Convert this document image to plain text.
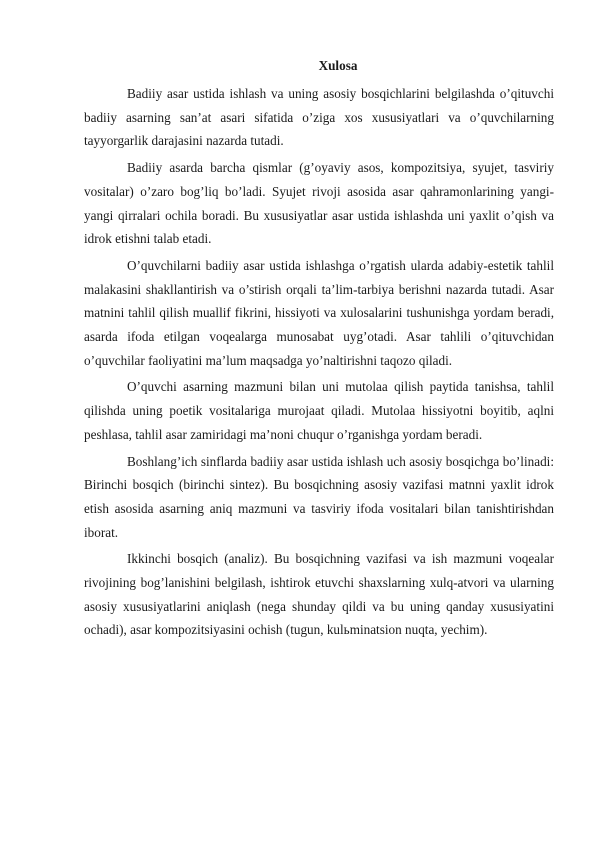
Xulosa

Badiiy asar ustida ishlash va uning asosiy bosqichlarini belgilashda o’qituvchi badiiy asarning san’at asari sifatida o’ziga xos xususiyatlari va o’quvchilarning tayyorgarlik darajasini nazarda tutadi.

Badiiy asarda barcha qismlar (g’oyaviy asos, kompozitsiya, syujet, tasviriy vositalar) o’zaro bog’liq bo’ladi. Syujet rivoji asosida asar qahramonlarining yangi-yangi qirralari ochila boradi. Bu xususiyatlar asar ustida ishlashda uni yaxlit o’qish va idrok etishni talab etadi.

O’quvchilarni badiiy asar ustida ishlashga o’rgatish ularda adabiy-estetik tahlil malakasini shakllantirish va o’stirish orqali ta’lim-tarbiya berishni nazarda tutadi. Asar matnini tahlil qilish muallif fikrini, hissiyoti va xulosalarini tushunishga yordam beradi, asarda ifoda etilgan voqealarga munosabat uyg’otadi. Asar tahlili o’qituvchidan o’quvchilar faoliyatini ma’lum maqsadga yo’naltirishni taqozo qiladi.

O’quvchi asarning mazmuni bilan uni mutolaa qilish paytida tanishsa, tahlil qilishda uning poetik vositalariga murojaat qiladi. Mutolaa hissiyotni boyitib, aqlni peshlasa, tahlil asar zamiridagi ma’noni chuqur o’rganishga yordam beradi.

Boshlang’ich sinflarda badiiy asar ustida ishlash uch asosiy bosqichga bo’linadi: Birinchi bosqich (birinchi sintez). Bu bosqichning asosiy vazifasi matnni yaxlit idrok etish asosida asarning aniq mazmuni va tasviriy ifoda vositalari bilan tanishtirishdan iborat.

Ikkinchi bosqich (analiz). Bu bosqichning vazifasi va ish mazmuni voqealar rivojining bog’lanishini belgilash, ishtirok etuvchi shaxslarning xulq-atvori va ularning asosiy xususiyatlarini aniqlash (nega shunday qildi va bu uning qanday xususiyatini ochadi), asar kompozitsiyasini ochish (tugun, kulьminatsion nuqta, yechim).
